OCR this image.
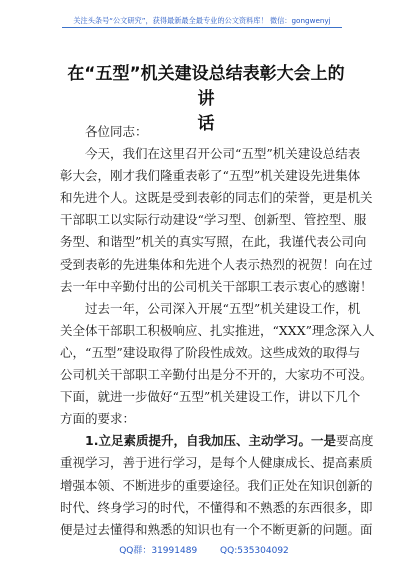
关注头条号“公文研究”，获得最新最全最专业的公文资料库！ 微信：gongwenyj
在“五型”机关建设总结表彰大会上的讲
话

各位同志：

今天，我们在这里召开公司“五型”机关建设总结表
彰大会，刚才我们隆重表彰了“五型”机关建设先进集体
和先进个人。这既是受到表彰的同志们的荣誉，更是机关
干部职工以实际行动建设“学习型、创新型、管控型、服
务型、和谐型”机关的真实写照，在此，我谨代表公司向
受到表彰的先进集体和先进个人表示热烈的祝贺！向在过
去一年中辛勤付出的公司机关干部职工表示衷心的感谢！

过去一年，公司深入开展“五型”机关建设工作，机
关全体干部职工积极响应、扎实推进，“XXX”理念深入人
心，“五型”建设取得了阶段性成效。这些成效的取得与
公司机关干部职工辛勤付出是分不开的，大家功不可没。
下面，就进一步做好“五型”机关建设工作，讲以下几个
方面的要求：

1.立足素质提升，自我加压、主动学习。一是要高度
重视学习，善于进行学习，是每个人健康成长、提高素质
增强本领、不断进步的重要途径。我们正处在知识创新的
时代、终身学习的时代，不懂得和不熟悉的东西很多，即
便是过去懂得和熟悉的知识也有一个不断更新的问题。面

QQ群：31991489	QQ:535304092
